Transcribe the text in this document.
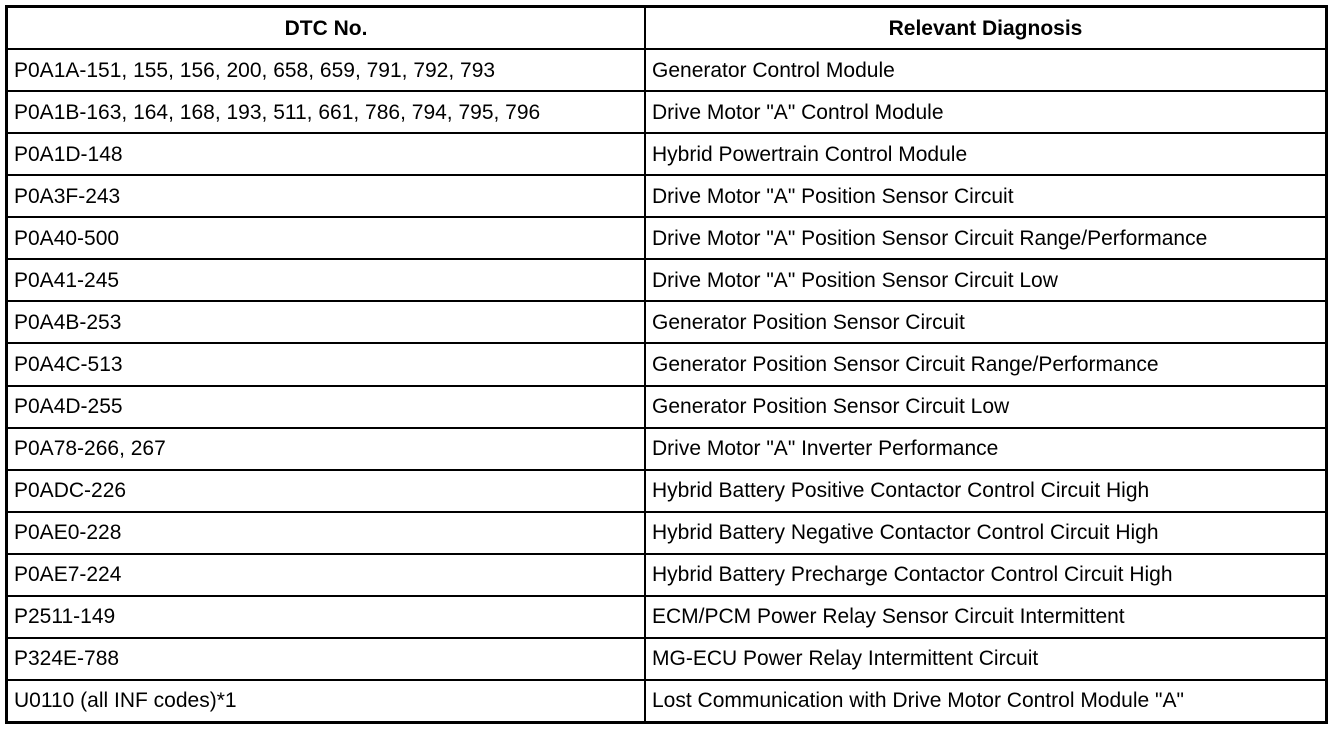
DTC No.	Relevant Diagnosis
P0A1A-151, 155, 156, 200, 658, 659, 791, 792, 793	Generator Control Module
P0A1B-163, 164, 168, 193, 511, 661, 786, 794, 795, 796	Drive Motor "A" Control Module
P0A1D-148	Hybrid Powertrain Control Module
P0A3F-243	Drive Motor "A" Position Sensor Circuit
P0A40-500	Drive Motor "A" Position Sensor Circuit Range/Performance
P0A41-245	Drive Motor "A" Position Sensor Circuit Low
P0A4B-253	Generator Position Sensor Circuit
P0A4C-513	Generator Position Sensor Circuit Range/Performance
P0A4D-255	Generator Position Sensor Circuit Low
P0A78-266, 267	Drive Motor "A" Inverter Performance
P0ADC-226	Hybrid Battery Positive Contactor Control Circuit High
P0AE0-228	Hybrid Battery Negative Contactor Control Circuit High
P0AE7-224	Hybrid Battery Precharge Contactor Control Circuit High
P2511-149	ECM/PCM Power Relay Sensor Circuit Intermittent
P324E-788	MG-ECU Power Relay Intermittent Circuit
U0110 (all INF codes)*1	Lost Communication with Drive Motor Control Module "A"
